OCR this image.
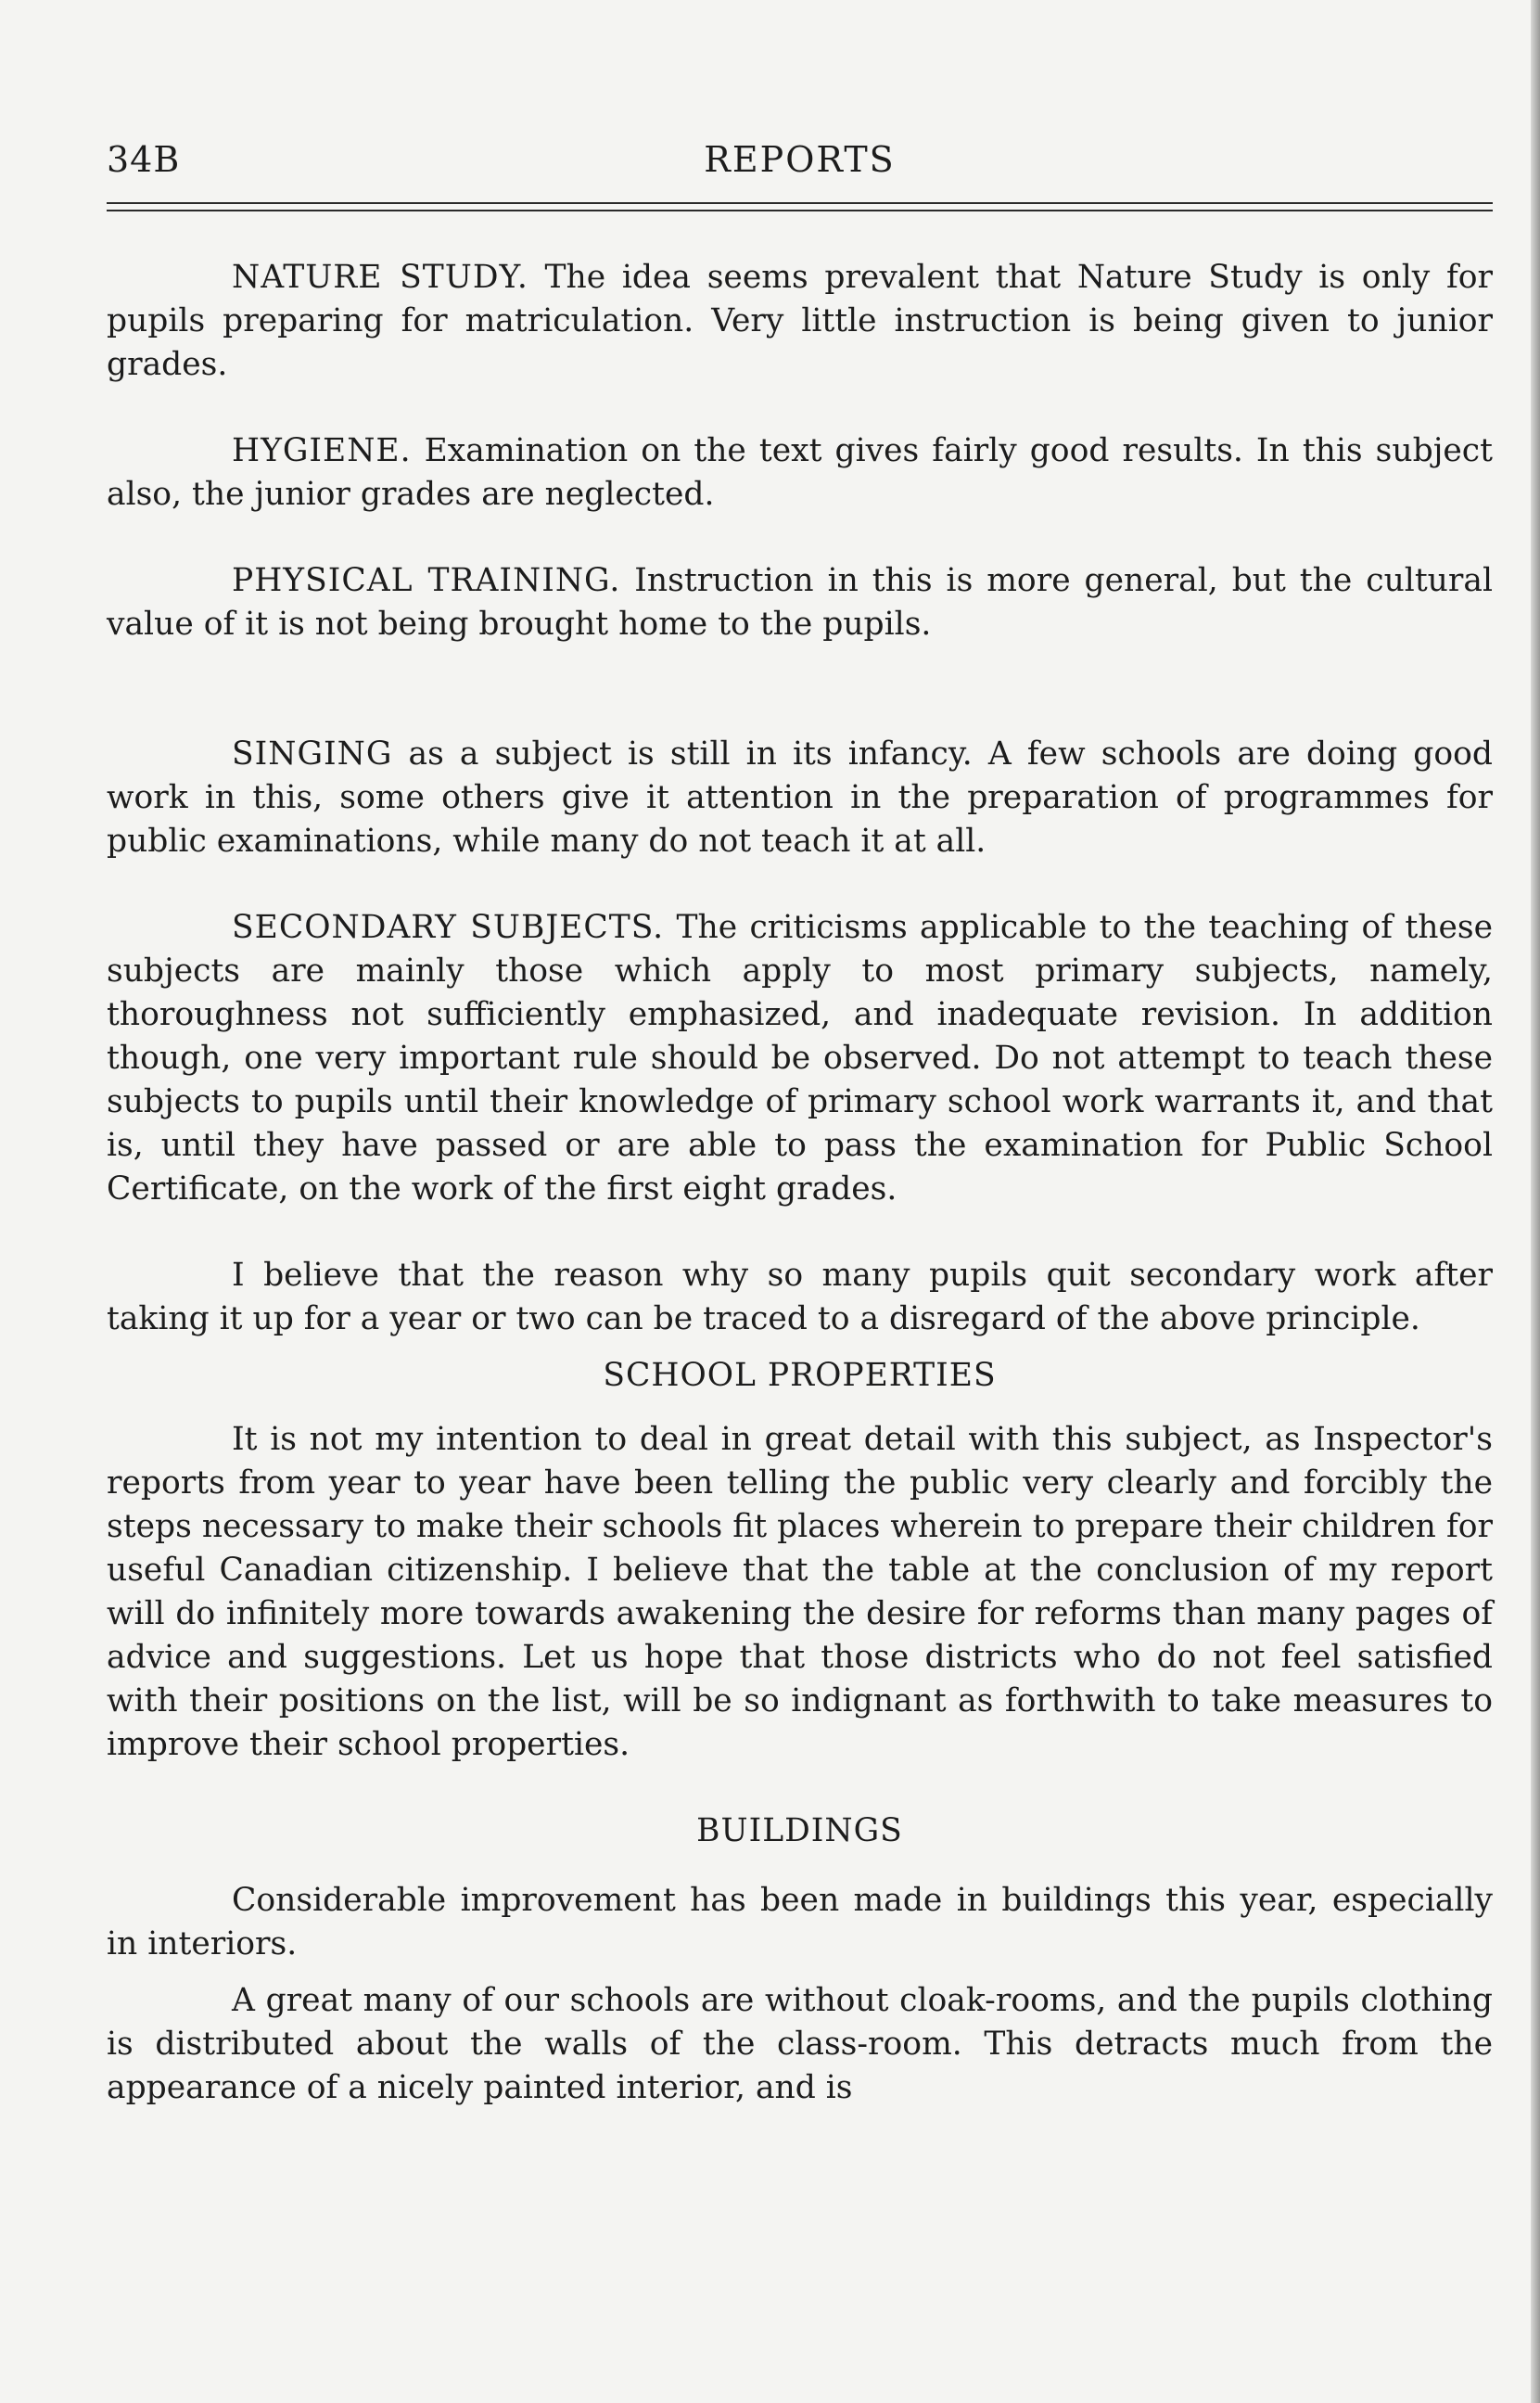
34B	REPORTS

NATURE STUDY. The idea seems prevalent that Nature Study is only for pupils preparing for matriculation. Very little instruction is being given to junior grades.

HYGIENE. Examination on the text gives fairly good results. In this subject also, the junior grades are neglected.

PHYSICAL TRAINING. Instruction in this is more general, but the cultural value of it is not being brought home to the pupils.

SINGING as a subject is still in its infancy. A few schools are doing good work in this, some others give it attention in the preparation of programmes for public examinations, while many do not teach it at all.

SECONDARY SUBJECTS. The criticisms applicable to the teaching of these subjects are mainly those which apply to most primary subjects, namely, thoroughness not sufficiently emphasized, and inadequate revision. In addition though, one very important rule should be observed. Do not attempt to teach these subjects to pupils until their knowledge of primary school work warrants it, and that is, until they have passed or are able to pass the examination for Public School Certificate, on the work of the first eight grades.

I believe that the reason why so many pupils quit secondary work after taking it up for a year or two can be traced to a disregard of the above principle.

SCHOOL PROPERTIES

It is not my intention to deal in great detail with this subject, as Inspector's reports from year to year have been telling the public very clearly and forcibly the steps necessary to make their schools fit places wherein to prepare their children for useful Canadian citizenship. I believe that the table at the conclusion of my report will do infinitely more towards awakening the desire for reforms than many pages of advice and suggestions. Let us hope that those districts who do not feel satisfied with their positions on the list, will be so indignant as forthwith to take measures to improve their school properties.

BUILDINGS

Considerable improvement has been made in buildings this year, especially in interiors.

A great many of our schools are without cloak-rooms, and the pupils clothing is distributed about the walls of the class-room. This detracts much from the appearance of a nicely painted interior, and is
